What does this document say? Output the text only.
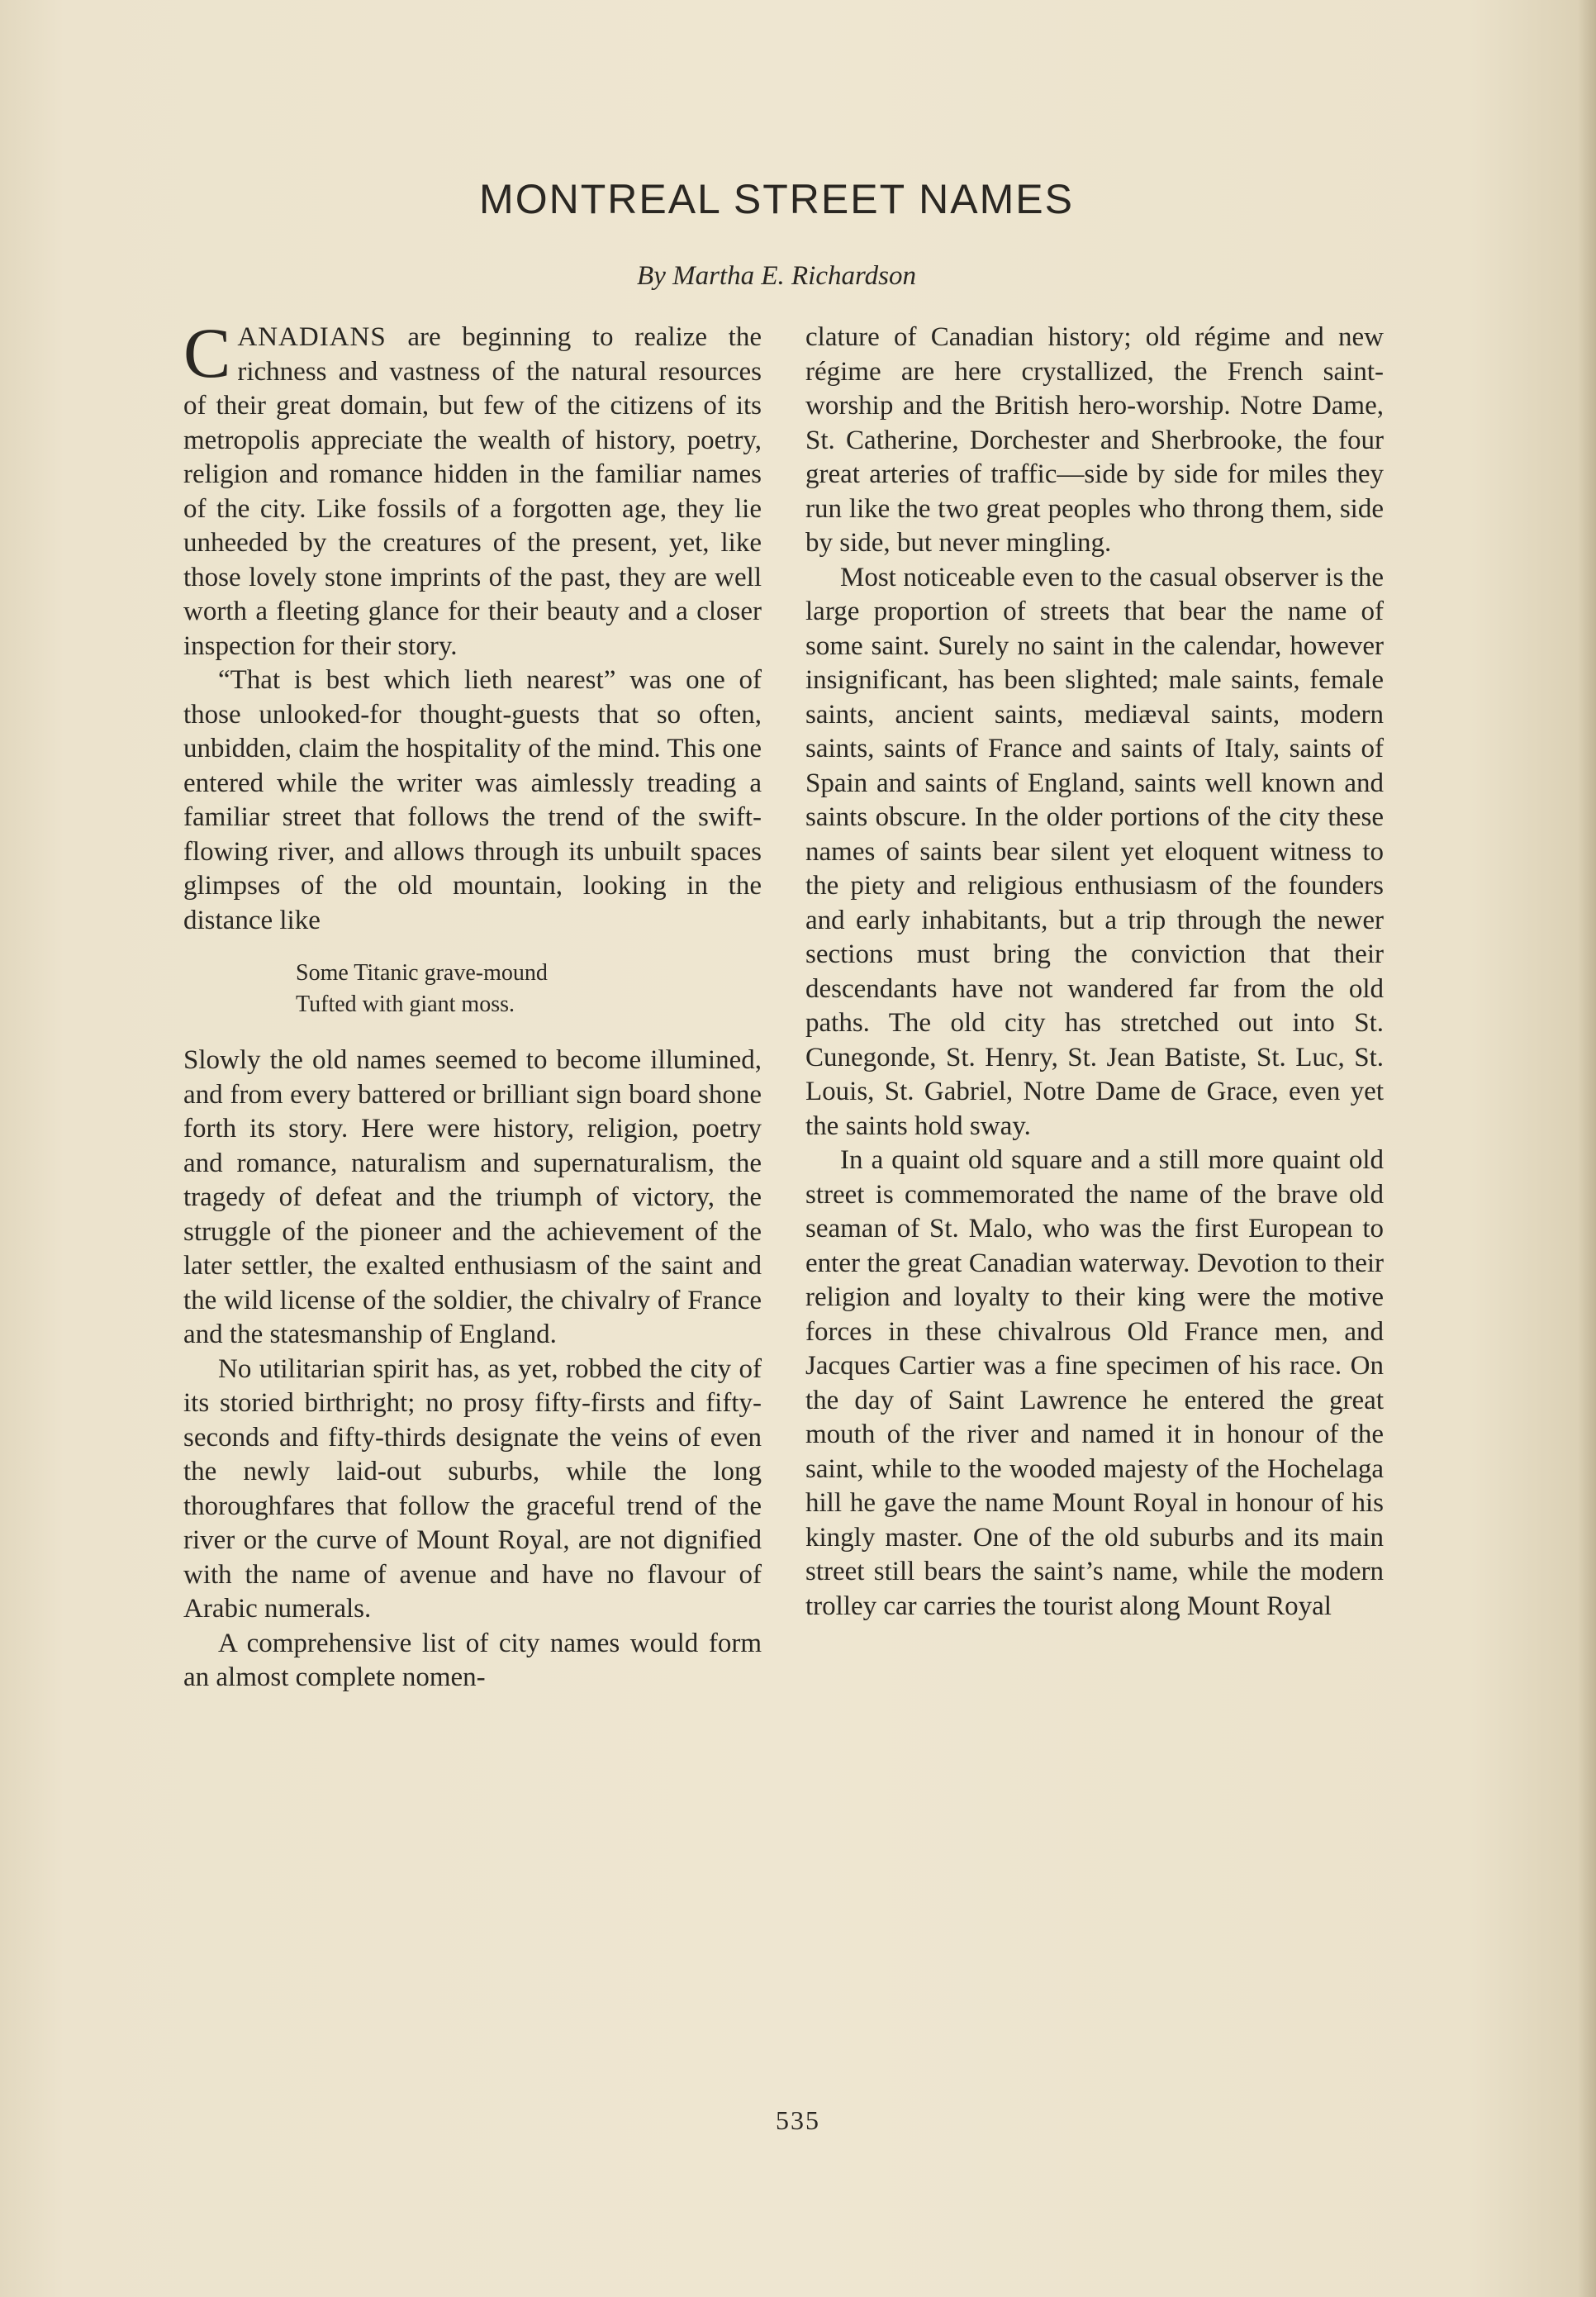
MONTREAL STREET NAMES

By Martha E. Richardson

CANADIANS are beginning to realize the richness and vastness of the natural resources of their great domain, but few of the citizens of its metropolis appreciate the wealth of history, poetry, religion and romance hidden in the familiar names of the city. Like fossils of a forgotten age, they lie unheeded by the creatures of the present, yet, like those lovely stone imprints of the past, they are well worth a fleeting glance for their beauty and a closer inspection for their story.

“That is best which lieth nearest” was one of those unlooked-for thought-guests that so often, unbidden, claim the hospitality of the mind. This one entered while the writer was aimlessly treading a familiar street that follows the trend of the swift-flowing river, and allows through its unbuilt spaces glimpses of the old mountain, looking in the distance like

Some Titanic grave-mound
Tufted with giant moss.

Slowly the old names seemed to become illumined, and from every battered or brilliant sign board shone forth its story. Here were history, religion, poetry and romance, naturalism and supernaturalism, the tragedy of defeat and the triumph of victory, the struggle of the pioneer and the achievement of the later settler, the exalted enthusiasm of the saint and the wild license of the soldier, the chivalry of France and the statesmanship of England.

No utilitarian spirit has, as yet, robbed the city of its storied birthright; no prosy fifty-firsts and fifty-seconds and fifty-thirds designate the veins of even the newly laid-out suburbs, while the long thoroughfares that follow the graceful trend of the river or the curve of Mount Royal, are not dignified with the name of avenue and have no flavour of Arabic numerals.

A comprehensive list of city names would form an almost complete nomen-

clature of Canadian history; old régime and new régime are here crystallized, the French saint-worship and the British hero-worship. Notre Dame, St. Catherine, Dorchester and Sherbrooke, the four great arteries of traffic—side by side for miles they run like the two great peoples who throng them, side by side, but never mingling.

Most noticeable even to the casual observer is the large proportion of streets that bear the name of some saint. Surely no saint in the calendar, however insignificant, has been slighted; male saints, female saints, ancient saints, mediæval saints, modern saints, saints of France and saints of Italy, saints of Spain and saints of England, saints well known and saints obscure. In the older portions of the city these names of saints bear silent yet eloquent witness to the piety and religious enthusiasm of the founders and early inhabitants, but a trip through the newer sections must bring the conviction that their descendants have not wandered far from the old paths. The old city has stretched out into St. Cunegonde, St. Henry, St. Jean Batiste, St. Luc, St. Louis, St. Gabriel, Notre Dame de Grace, even yet the saints hold sway.

In a quaint old square and a still more quaint old street is commemorated the name of the brave old seaman of St. Malo, who was the first European to enter the great Canadian waterway. Devotion to their religion and loyalty to their king were the motive forces in these chivalrous Old France men, and Jacques Cartier was a fine specimen of his race. On the day of Saint Lawrence he entered the great mouth of the river and named it in honour of the saint, while to the wooded majesty of the Hochelaga hill he gave the name Mount Royal in honour of his kingly master. One of the old suburbs and its main street still bears the saint’s name, while the modern trolley car carries the tourist along Mount Royal

535
